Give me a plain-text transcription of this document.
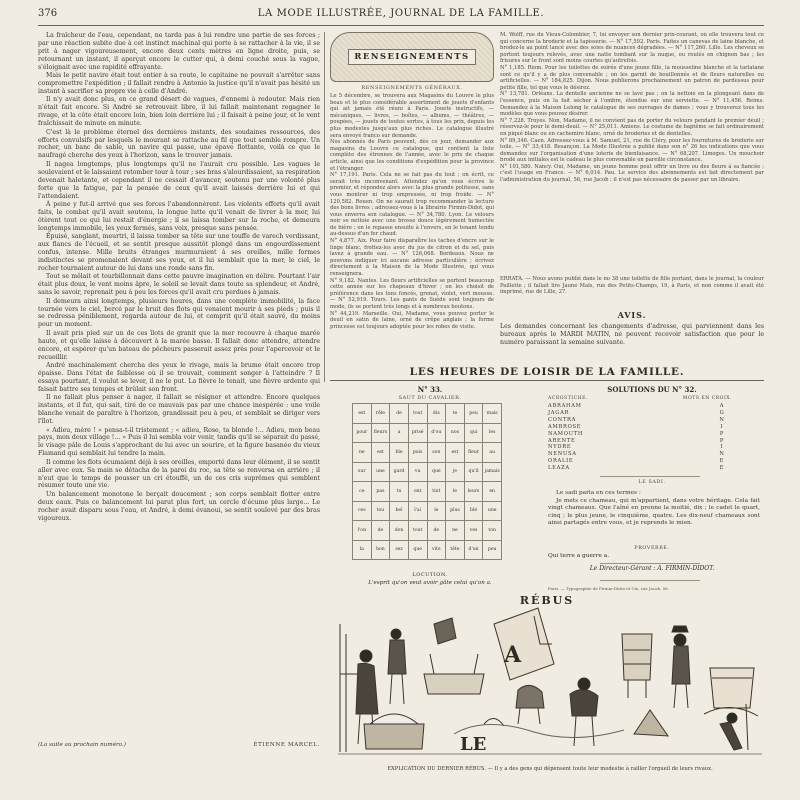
376	LA MODE ILLUSTRÉE, JOURNAL DE LA FAMILLE.

La fraîcheur de l'eau, cependant, ne tarda pas à lui rendre une partie de ses forces ; par une réaction subite due à cet instinct machinal qui porte à se rattacher à la vie, il se prit à nager vigoureusement, encore deux cents mètres en ligne droite, puis, se retournant un instant, il aperçut encore le cutter qui, à demi couché sous la vague, s'éloignait avec une rapidité effrayante.

Mais le petit navire était tout entier à sa route, le capitaine ne pouvait s'arrêter sans compromettre l'expédition ; il fallait rendre à Antonio la justice qu'il n'avait pas hésité un instant à sacrifier sa propre vie à celle d'André.

Il n'y avait donc plus, en ce grand désert de vagues, d'ennemi à redouter. Mais rien n'était fait encore. Si André se retrouvait libre, il lui fallait maintenant regagner le rivage, et la côte était encore loin, bien loin derrière lui ; il faisait à peine jour, et le vent fraîchissait de minute en minute.

C'est là le problème éternel des dernières instants, des soudaines ressources, des efforts convulsifs par lesquels le mourant se rattache au fil que tout semble rompre. Un rocher, un banc de sable, un navire qui passe, une épave flottante, voilà ce que le naufragé cherche des yeux à l'horizon, sans le trouver jamais.

Il nagea longtemps, plus longtemps qu'il ne l'aurait cru possible. Les vagues le soulevaient et le laissaient retomber tour à tour ; ses bras s'alourdissaient, sa respiration devenait haletante, et cependant il ne cessait d'avancer, soutenu par une volonté plus forte que la fatigue, par la pensée de ceux qu'il avait laissés derrière lui et qui l'attendaient.

À peine y fut-il arrivé que ses forces l'abandonnèrent. Les violents efforts qu'il avait faits, le combat qu'il avait soutenu, la longue lutte qu'il venait de livrer à la mer, lui ôtèrent tout ce qui lui restait d'énergie ; il se laissa tomber sur la roche, et demeura longtemps immobile, les yeux fermés, sans voix, presque sans pensée.

Épuisé, sanglant, meurtri, il laissa tomber sa tête sur une touffe de varech verdissant, aux flancs de l'écueil, et se sentit presque aussitôt plongé dans un engourdissement confus, intense. Mille bruits étranges murmuraient à ses oreilles, mille formes indistinctes se promenaient devant ses yeux, et il lui semblait que la mer, le ciel, le rocher tournaient autour de lui dans une ronde sans fin.

Tout se mêlait et tourbillonnait dans cette pauvre imagination en délire. Pourtant l'air était plus doux, le vent moins âpre, le soleil se levait dans toute sa splendeur, et André, sans le savoir, reprenait peu à peu les forces qu'il avait cru perdues à jamais.

Il demeura ainsi longtemps, plusieurs heures, dans une complète immobilité, la face tournée vers le ciel, bercé par le bruit des flots qui venaient mourir à ses pieds ; puis il se redressa péniblement, regarda autour de lui, et comprit qu'il était sauvé, du moins pour un moment.

Il avait pris pied sur un de ces îlots de granit que la mer recouvre à chaque marée haute, et qu'elle laisse à découvert à la marée basse. Il fallait donc attendre, attendre encore, et espérer qu'un bateau de pêcheurs passerait assez près pour l'apercevoir et le recueillir.

André machinalement chercha des yeux le rivage, mais la brume était encore trop épaisse. Dans l'état de faiblesse où il se trouvait, comment songer à l'atteindre ? Il essaya pourtant, il voulut se lever, il ne le put. La fièvre le tenait, une fièvre ardente qui faisait battre ses tempes et brûlait son front.

Il ne fallait plus penser à nager, il fallait se résigner et attendre. Encore quelques instants, et il fut, qui sait, tiré de ce mauvais pas par une chance inespérée : une voile blanche venait de paraître à l'horizon, grandissait peu à peu, et semblait se diriger vers l'îlot.

« Adieu, mère ! » pensa-t-il tristement ; « adieu, Rose, ta blonde !... Adieu, mon beau pays, mon doux village !... » Puis il lui sembla voir venir, tandis qu'il se séparait du passé, le visage pâle de Louis s'approchant de lui avec un sourire, et la figure basanée du vieux Flamand qui semblait lui tendre la main.

Il comme les flots écumaient déjà à ses oreilles, emporté dans leur élément, il se sentit aller avec eux. Sa main se détacha de la paroi du roc, sa tête se renversa en arrière ; il n'eut que le temps de pousser un cri étouffé, un de ces cris suprêmes qui semblent résumer toute une vie.

Un balancement monotone le berçait doucement ; son corps semblait flotter entre deux eaux. Puis ce balancement lui parut plus fort, un cercle d'écume plus large... Le rocher avait disparu sous l'eau, et André, à demi évanoui, se sentit soulevé par des bras vigoureux.

(La suite au prochain numéro.)	ÉTIENNE MARCEL.
RENSEIGNEMENTS
RENSEIGNEMENTS GÉNÉRAUX.

Le 5 décembre, se trouvera aux Magasins du Louvre le plus beau et le plus considérable assortiment de jouets d'enfants qui ait jamais été réuni à Paris. Jouets instructifs, — mécaniques, — livres, — boîtes, — albums, — théâtres, — poupées, — jouets de toutes sortes, à tous les prix, depuis les plus modestes jusqu'aux plus riches. Le catalogue illustré sera envoyé franco sur demande.

Nos abonnés de Paris peuvent, dès ce jour, demander aux magasins du Louvre ce catalogue, qui contient la liste complète des étrennes de l'année, avec le prix de chaque article, ainsi que les conditions d'expédition pour la province et l'étranger.

N° 17,191. Paris. Cela ne se fait pas du tout ; on écrit, ce serait très inconvenant. Attendez qu'on vous écrive le premier, et répondez alors avec la plus grande politesse, sans vous montrer ni trop empressée, ni trop froide. — N° 120,582. Rouen. On ne saurait trop recommander la lecture des bons livres ; adressez-vous à la librairie Firmin-Didot, qui vous enverra son catalogue. — N° 34,780. Lyon. Le velours noir se nettoie avec une brosse douce légèrement humectée de bière ; on le repasse ensuite à l'envers, en le tenant tendu au-dessus d'un fer chaud.

N° 4,877. Aix. Pour faire disparaître les taches d'encre sur le linge blanc, frottez-les avec du jus de citron et du sel, puis lavez à grande eau. — N° 126,068. Bordeaux. Nous ne pouvons indiquer ici aucune adresse particulière ; écrivez directement à la Maison de la Mode Illustrée, qui vous renseignera.

N° 9,182. Nantes. Les fleurs artificielles se portent beaucoup cette année sur les chapeaux d'hiver ; on les choisit de préférence dans les tons foncés, grenat, violet, vert mousse. — N° 52,919. Tours. Les gants de Suède sont toujours de mode, ils se portent très longs et à nombreux boutons.

N° 44,219. Marseille. Oui, Madame, vous pouvez porter le deuil en satin de laine, orné de crêpe anglais ; la forme princesse est toujours adoptée pour les robes de visite.

M. Wolff, rue du Vieux-Colombier, 7, lui envoyer son dernier prix-courant, où elle trouvera tout ce qui concerne la broderie et la tapisserie. — N° 17,592. Paris. Faites un canevas de laine blanche, et brodez-le au point lancé avec des soies de nuances dégradées. — N° 117,260. Lille. Les cheveux se portent toujours relevés, avec une natte tombant sur la nuque, ou roulés en chignon bas ; les frisures sur le front sont moins courtes qu'autrefois.

N° 1,185. Riom. Pour les toilettes de soirée d'une jeune fille, la mousseline blanche et la tarlatane sont ce qu'il y a de plus convenable ; on les garnit de bouillonnés et de fleurs naturelles ou artificielles. — N° 184,825. Dijon. Nous publierons prochainement un patron de pardessus pour petite fille, tel que vous le désirez.

N° 13,781. Orléans. La dentelle ancienne ne se lave pas ; on la nettoie en la plongeant dans de l'essence, puis on la fait sécher à l'ombre, étendue sur une serviette. — N° 11,456. Reims. Demandez à la Maison Lelong le catalogue de ses ouvrages de dames ; vous y trouverez tous les modèles que vous pouvez désirer.

N° 7,228. Troyes. Non, Madame, il ne convient pas de porter du velours pendant le premier deuil ; réservez-le pour le demi-deuil. — N° 25,011. Amiens. Le costume de baptême se fait ordinairement en piqué blanc ou en cachemire blanc, orné de broderies et de dentelles.

N° 89,346. Caen. Adressez-vous à M. Samuel, 21, rue de Cléry, pour les fournitures de broderie sur toile. — N° 33,418. Besançon. La Mode Illustrée a publié dans son n° 26 les indications que vous demandez sur l'organisation d'une loterie de bienfaisance. — N° 68,207. Limoges. Un mouchoir brodé aux initiales est le cadeau le plus convenable en pareille circonstance.

N° 101,580. Nancy. Oui, Madame, un jeune homme peut offrir un livre ou des fleurs à sa fiancée ; c'est l'usage en France. — N° 6,014. Pau. Le service des abonnements est fait directement par l'administration du journal, 56, rue Jacob ; il n'est pas nécessaire de passer par un libraire.

ERRATA. — Nous avons publié dans le no 38 une toilette de fille portant, dans le journal, la couleur Paillette ; il fallait lire Jaune Maïs, rue des Petits-Champs, 19, à Paris, et non comme il avait été imprimé, rue de Lille, 27.
AVIS.
Les demandes concernant les changements d'adresse, qui parviennent dans les bureaux après le MARDI MATIN, ne peuvent recevoir satisfaction que pour le numéro paraissant la semaine suivante.
LES HEURES DE LOISIR DE LA FAMILLE.
N° 33.
SAUT DU CAVALIER.
est	rêle	de	tout	dis	te	peu	mais
pour	fleurs	a	prisé	d'ou	nos	qui	les
ne	est	ble	puis	son	est	fleur	au
sur	une	gard	vu	que	je	qu'il	jamais
ce	pas	tu	ont	tint	le	leurs	en
ces	tou	bel	l'ai	le	plus	blé	une
l'on	de	don	tout	de	ne	ves	ton
la	bon	sez	que	vite	tête	d'un	peu
LOCUTION.
L'esprit qu'on veut avoir gâte celui qu'on a.
SOLUTIONS DU N° 32.
ACROSTICHE.	MOTS EN CROIX.
ABRAHAM	A
JAGAR	G
CONTRA	N
AMBROSE	I
NAMOUTH	P
ARENTE	P
NYDRE	I
NENUSA	N
ORALIE	E
LEAZA	E
LE SADI.

Le sadi parla en ces termes :

Je mets ce chameau, qui m'appartient, dans votre héritage. Cela fait vingt chameaux. Que l'aîné en prenne la moitié, dix ; le cadet le quart, cinq ; le plus jeune, le cinquième, quatre. Les dix-neuf chameaux sont ainsi partagés entre vous, et je reprends le mien.

PROVERBE.
Qui terre a guerre a.
Le Directeur-Gérant : A. FIRMIN-DIDOT.
Paris. — Typographie de Firmin-Didot et Cie, rue Jacob, 56.
RÉBUS
A
LE
EXPLICATION DU DERNIER RÉBUS. — Il y a des gens qui dépensent toute leur modestie à railler l'orgueil de leurs rivaux.
